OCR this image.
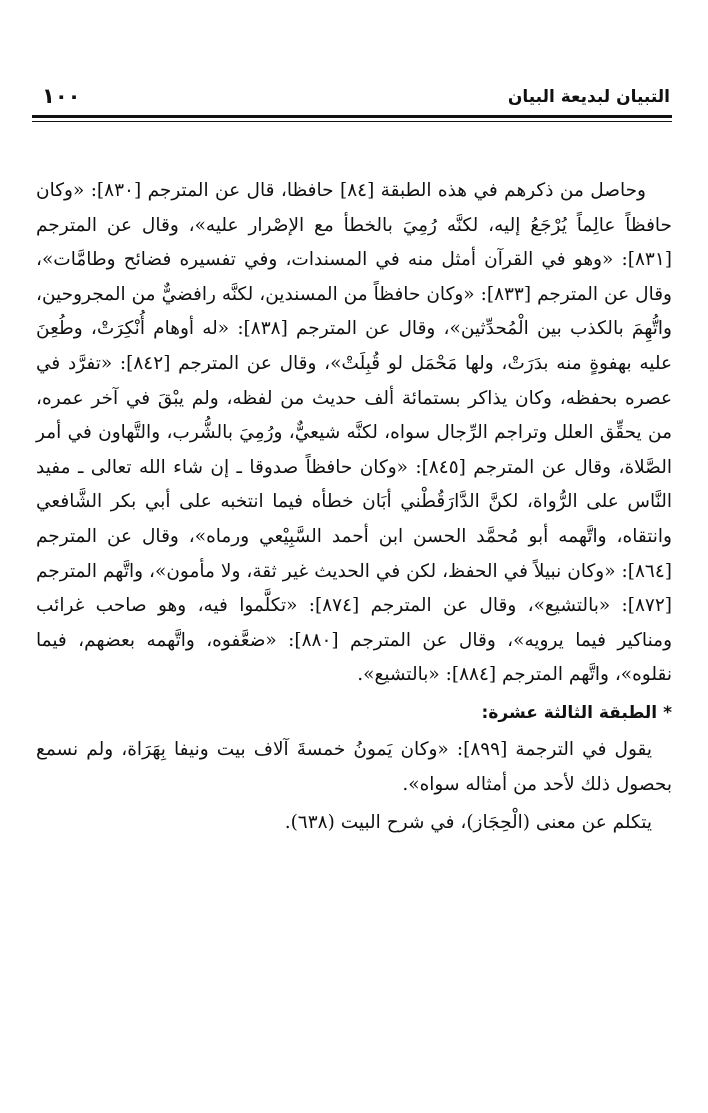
التبيان لبديعة البيان
١٠٠

وحاصل من ذكرهم في هذه الطبقة [٨٤] حافظا، قال عن المترجم [٨٣٠]: «وكان حافظاً عالِماً يُرْجَعُ إليه، لكنَّه رُمِيَ بالخطأ مع الإصْرار عليه»، وقال عن المترجم [٨٣١]: «وهو في القرآن أمثل منه في المسندات، وفي تفسيره فضائح وطامَّات»، وقال عن المترجم [٨٣٣]: «وكان حافظاً من المسندين، لكنَّه رافضيٌّ من المجروحين، واتُّهِمَ بالكذب بين الْمُحدِّثين»، وقال عن المترجم [٨٣٨]: «له أوهام أُنْكِرَتْ، وطُعِنَ عليه بهفوةٍ منه بدَرَتْ، ولها مَحْمَل لو قُبِلَتْ»، وقال عن المترجم [٨٤٢]: «تفرَّد في عصره بحفظه، وكان يذاكر بستمائة ألف حديث من لفظه، ولم يبْقَ في آخر عمره، من يحقِّق العلل وتراجم الرِّجال سواه، لكنَّه شيعيٌّ، ورُمِيَ بالشُّرب، والتَّهاون في أمر الصَّلاة، وقال عن المترجم [٨٤٥]: «وكان حافظاً صدوقا ـ إن شاء الله تعالى ـ مفيد النَّاس على الرُّواة، لكنَّ الدَّارَقُطْني أبَان خطأه فيما انتخبه على أبي بكر الشَّافعي وانتقاه، واتَّهمه أبو مُحمَّد الحسن ابن أحمد السَّبِيْعي ورماه»، وقال عن المترجم [٨٦٤]: «وكان نبيلاً في الحفظ، لكن في الحديث غير ثقة، ولا مأمون»، واتَّهم المترجم [٨٧٢]: «بالتشيع»، وقال عن المترجم [٨٧٤]: «تكلَّموا فيه، وهو صاحب غرائب ومناكير فيما يرويه»، وقال عن المترجم [٨٨٠]: «ضعَّفوه، واتَّهمه بعضهم، فيما نقلوه»، واتَّهم المترجم [٨٨٤]: «بالتشيع».

*الطبقة الثالثة عشرة:

يقول في الترجمة [٨٩٩]: «وكان يَمونُ خمسةَ آلاف بيت ونيفا بِهَرَاة، ولم نسمع بحصول ذلك لأحد من أمثاله سواه».

يتكلم عن معنى (الْحِجَاز)، في شرح البيت (٦٣٨).
